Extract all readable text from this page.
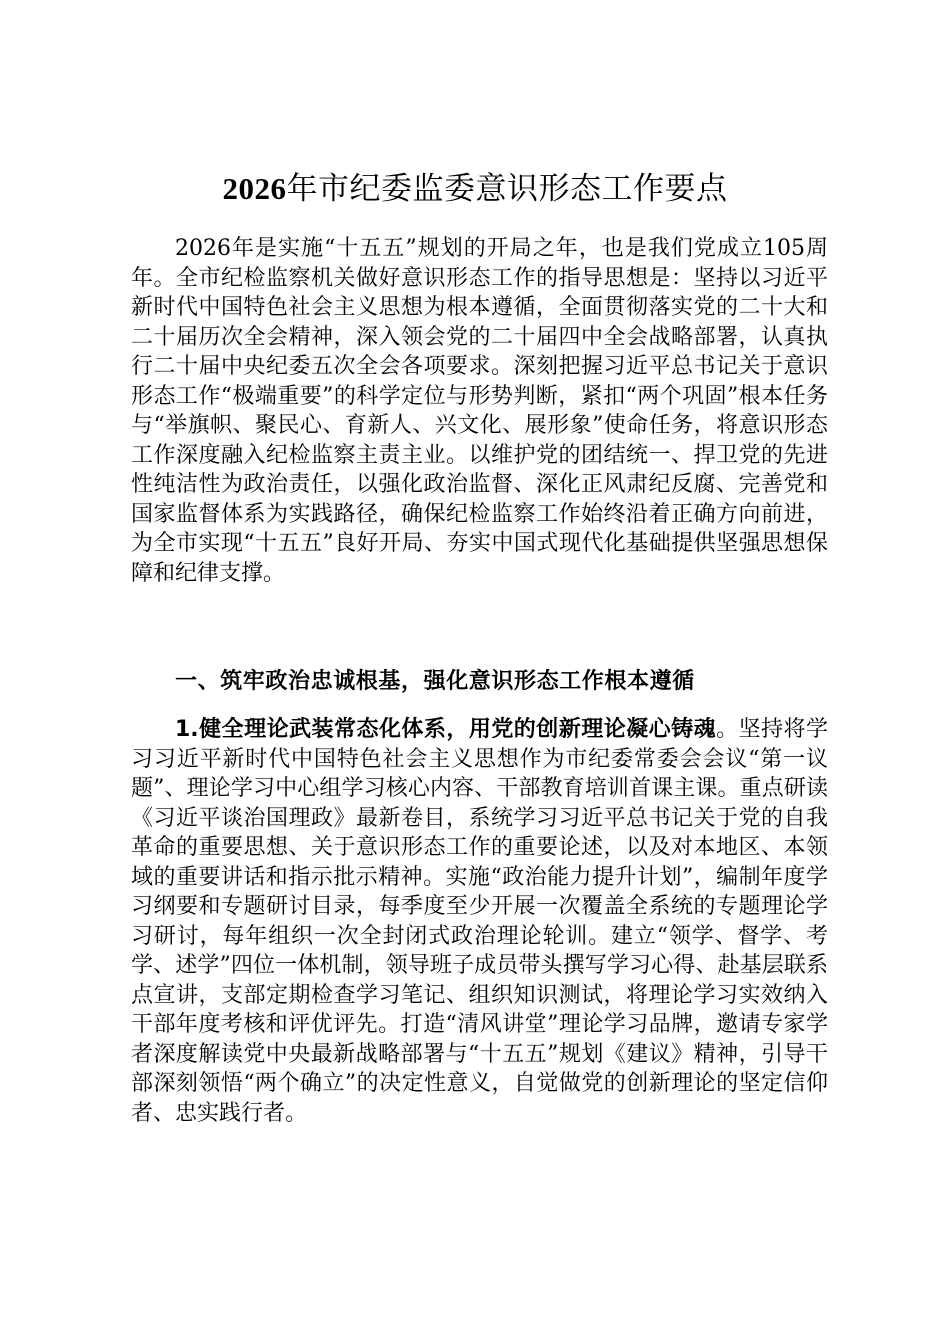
2026年市纪委监委意识形态工作要点

2026年是实施“十五五”规划的开局之年，也是我们党成立105周年。全市纪检监察机关做好意识形态工作的指导思想是：坚持以习近平新时代中国特色社会主义思想为根本遵循，全面贯彻落实党的二十大和二十届历次全会精神，深入领会党的二十届四中全会战略部署，认真执行二十届中央纪委五次全会各项要求。深刻把握习近平总书记关于意识形态工作“极端重要”的科学定位与形势判断，紧扣“两个巩固”根本任务与“举旗帜、聚民心、育新人、兴文化、展形象”使命任务，将意识形态工作深度融入纪检监察主责主业。以维护党的团结统一、捍卫党的先进性纯洁性为政治责任，以强化政治监督、深化正风肃纪反腐、完善党和国家监督体系为实践路径，确保纪检监察工作始终沿着正确方向前进，为全市实现“十五五”良好开局、夯实中国式现代化基础提供坚强思想保障和纪律支撑。

一、筑牢政治忠诚根基，强化意识形态工作根本遵循

1.健全理论武装常态化体系，用党的创新理论凝心铸魂。坚持将学习习近平新时代中国特色社会主义思想作为市纪委常委会会议“第一议题”、理论学习中心组学习核心内容、干部教育培训首课主课。重点研读《习近平谈治国理政》最新卷目，系统学习习近平总书记关于党的自我革命的重要思想、关于意识形态工作的重要论述，以及对本地区、本领域的重要讲话和指示批示精神。实施“政治能力提升计划”，编制年度学习纲要和专题研讨目录，每季度至少开展一次覆盖全系统的专题理论学习研讨，每年组织一次全封闭式政治理论轮训。建立“领学、督学、考学、述学”四位一体机制，领导班子成员带头撰写学习心得、赴基层联系点宣讲，支部定期检查学习笔记、组织知识测试，将理论学习实效纳入干部年度考核和评优评先。打造“清风讲堂”理论学习品牌，邀请专家学者深度解读党中央最新战略部署与“十五五”规划《建议》精神，引导干部深刻领悟“两个确立”的决定性意义，自觉做党的创新理论的坚定信仰者、忠实践行者。
